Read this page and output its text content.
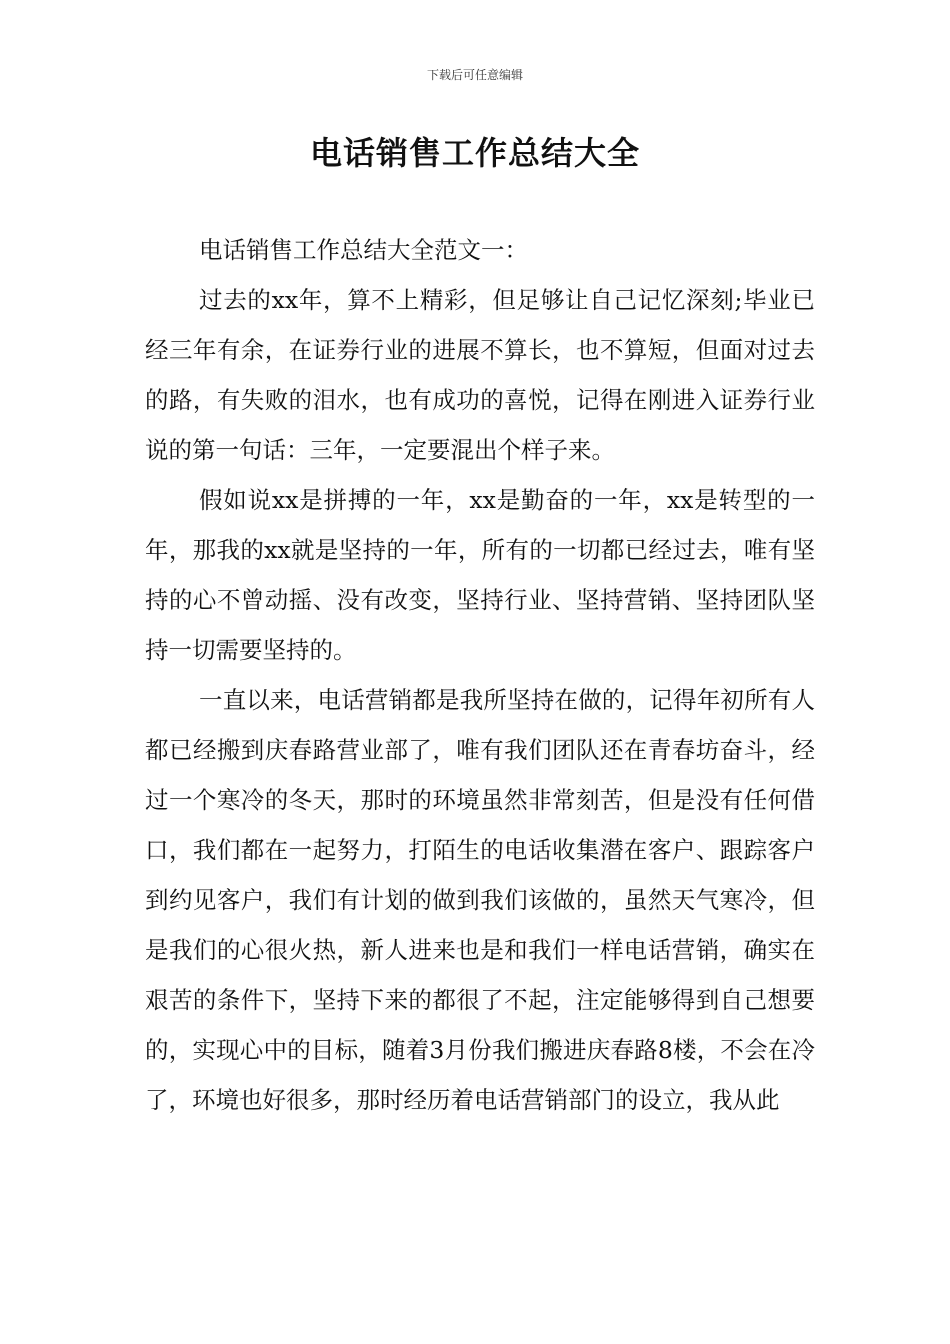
下载后可任意编辑
电话销售工作总结大全

电话销售工作总结大全范文一：

过去的xx年，算不上精彩，但足够让自己记忆深刻;毕业已经三年有余，在证券行业的进展不算长，也不算短，但面对过去的路，有失败的泪水，也有成功的喜悦，记得在刚进入证券行业说的第一句话：三年，一定要混出个样子来。

假如说xx是拼搏的一年，xx是勤奋的一年，xx是转型的一年，那我的xx就是坚持的一年，所有的一切都已经过去，唯有坚持的心不曾动摇、没有改变，坚持行业、坚持营销、坚持团队坚持一切需要坚持的。

一直以来，电话营销都是我所坚持在做的，记得年初所有人都已经搬到庆春路营业部了，唯有我们团队还在青春坊奋斗，经过一个寒冷的冬天，那时的环境虽然非常刻苦，但是没有任何借口，我们都在一起努力，打陌生的电话收集潜在客户、跟踪客户到约见客户，我们有计划的做到我们该做的，虽然天气寒冷，但是我们的心很火热，新人进来也是和我们一样电话营销，确实在艰苦的条件下，坚持下来的都很了不起，注定能够得到自己想要的，实现心中的目标，随着3月份我们搬进庆春路8楼，不会在冷了，环境也好很多，那时经历着电话营销部门的设立，我从此
